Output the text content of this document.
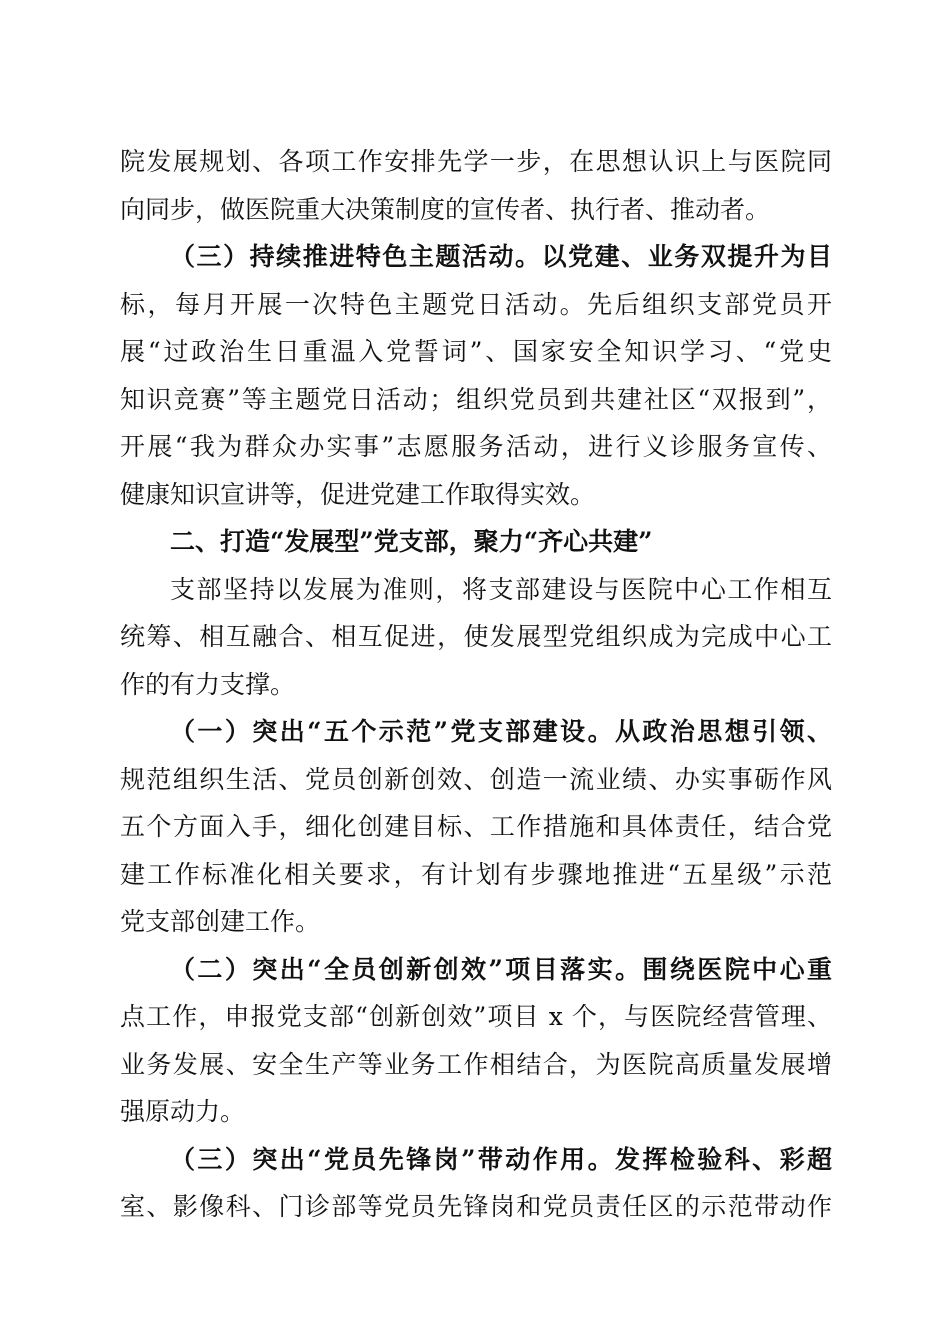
院发展规划、各项工作安排先学一步，在思想认识上与医院同
向同步，做医院重大决策制度的宣传者、执行者、推动者。
（三）持续推进特色主题活动。以党建、业务双提升为目
标，每月开展一次特色主题党日活动。先后组织支部党员开
展“过政治生日重温入党誓词”、国家安全知识学习、“党史
知识竞赛”等主题党日活动；组织党员到共建社区“双报到”，
开展“我为群众办实事”志愿服务活动，进行义诊服务宣传、
健康知识宣讲等，促进党建工作取得实效。
二、打造“发展型”党支部，聚力“齐心共建”
支部坚持以发展为准则，将支部建设与医院中心工作相互
统筹、相互融合、相互促进，使发展型党组织成为完成中心工
作的有力支撑。
（一）突出“五个示范”党支部建设。从政治思想引领、
规范组织生活、党员创新创效、创造一流业绩、办实事砺作风
五个方面入手，细化创建目标、工作措施和具体责任，结合党
建工作标准化相关要求，有计划有步骤地推进“五星级”示范
党支部创建工作。
（二）突出“全员创新创效”项目落实。围绕医院中心重
点工作，申报党支部“创新创效”项目 x 个，与医院经营管理、
业务发展、安全生产等业务工作相结合，为医院高质量发展增
强原动力。
（三）突出“党员先锋岗”带动作用。发挥检验科、彩超
室、影像科、门诊部等党员先锋岗和党员责任区的示范带动作
